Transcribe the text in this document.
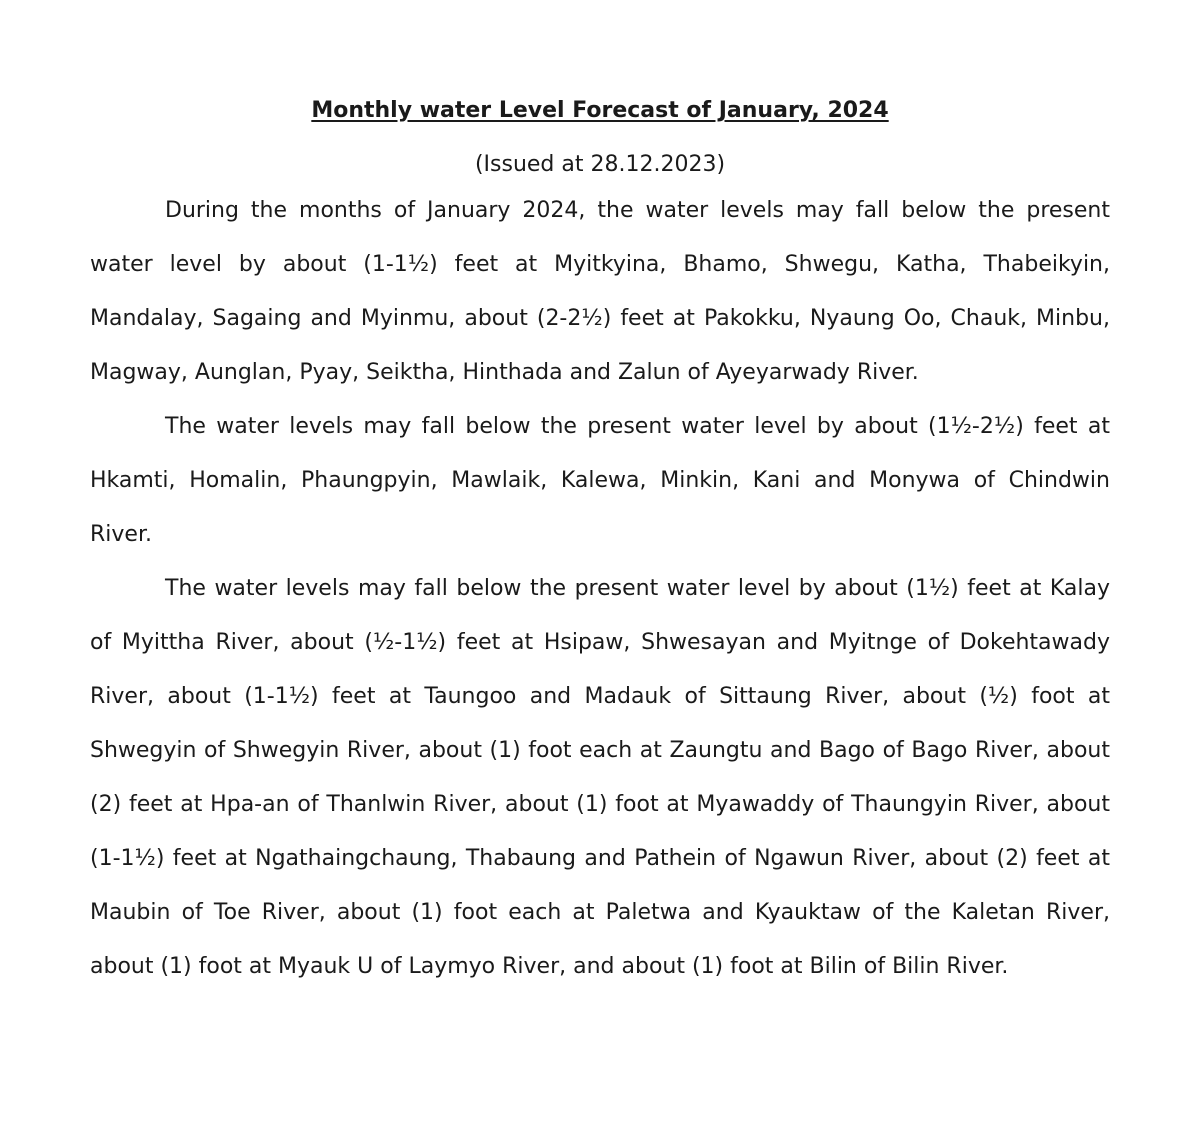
Monthly water Level Forecast of January, 2024

(Issued at 28.12.2023)

During the months of January 2024, the water levels may fall below the present water level by about (1-1½) feet at Myitkyina, Bhamo, Shwegu, Katha, Thabeikyin, Mandalay, Sagaing and Myinmu, about (2-2½) feet at Pakokku, Nyaung Oo, Chauk, Minbu, Magway, Aunglan, Pyay, Seiktha, Hinthada and Zalun of Ayeyarwady River.

The water levels may fall below the present water level by about (1½-2½) feet at Hkamti, Homalin, Phaungpyin, Mawlaik, Kalewa, Minkin, Kani and Monywa of Chindwin River.

The water levels may fall below the present water level by about (1½) feet at Kalay of Myittha River, about (½-1½) feet at Hsipaw, Shwesayan and Myitnge of Dokehtawady River, about (1-1½) feet at Taungoo and Madauk of Sittaung River, about (½) foot at Shwegyin of Shwegyin River, about (1) foot each at Zaungtu and Bago of Bago River, about (2) feet at Hpa-an of Thanlwin River, about (1) foot at Myawaddy of Thaungyin River, about (1-1½) feet at Ngathaingchaung, Thabaung and Pathein of Ngawun River, about (2) feet at Maubin of Toe River, about (1) foot each at Paletwa and Kyauktaw of the Kaletan River, about (1) foot at Myauk U of Laymyo River, and about (1) foot at Bilin of Bilin River.
